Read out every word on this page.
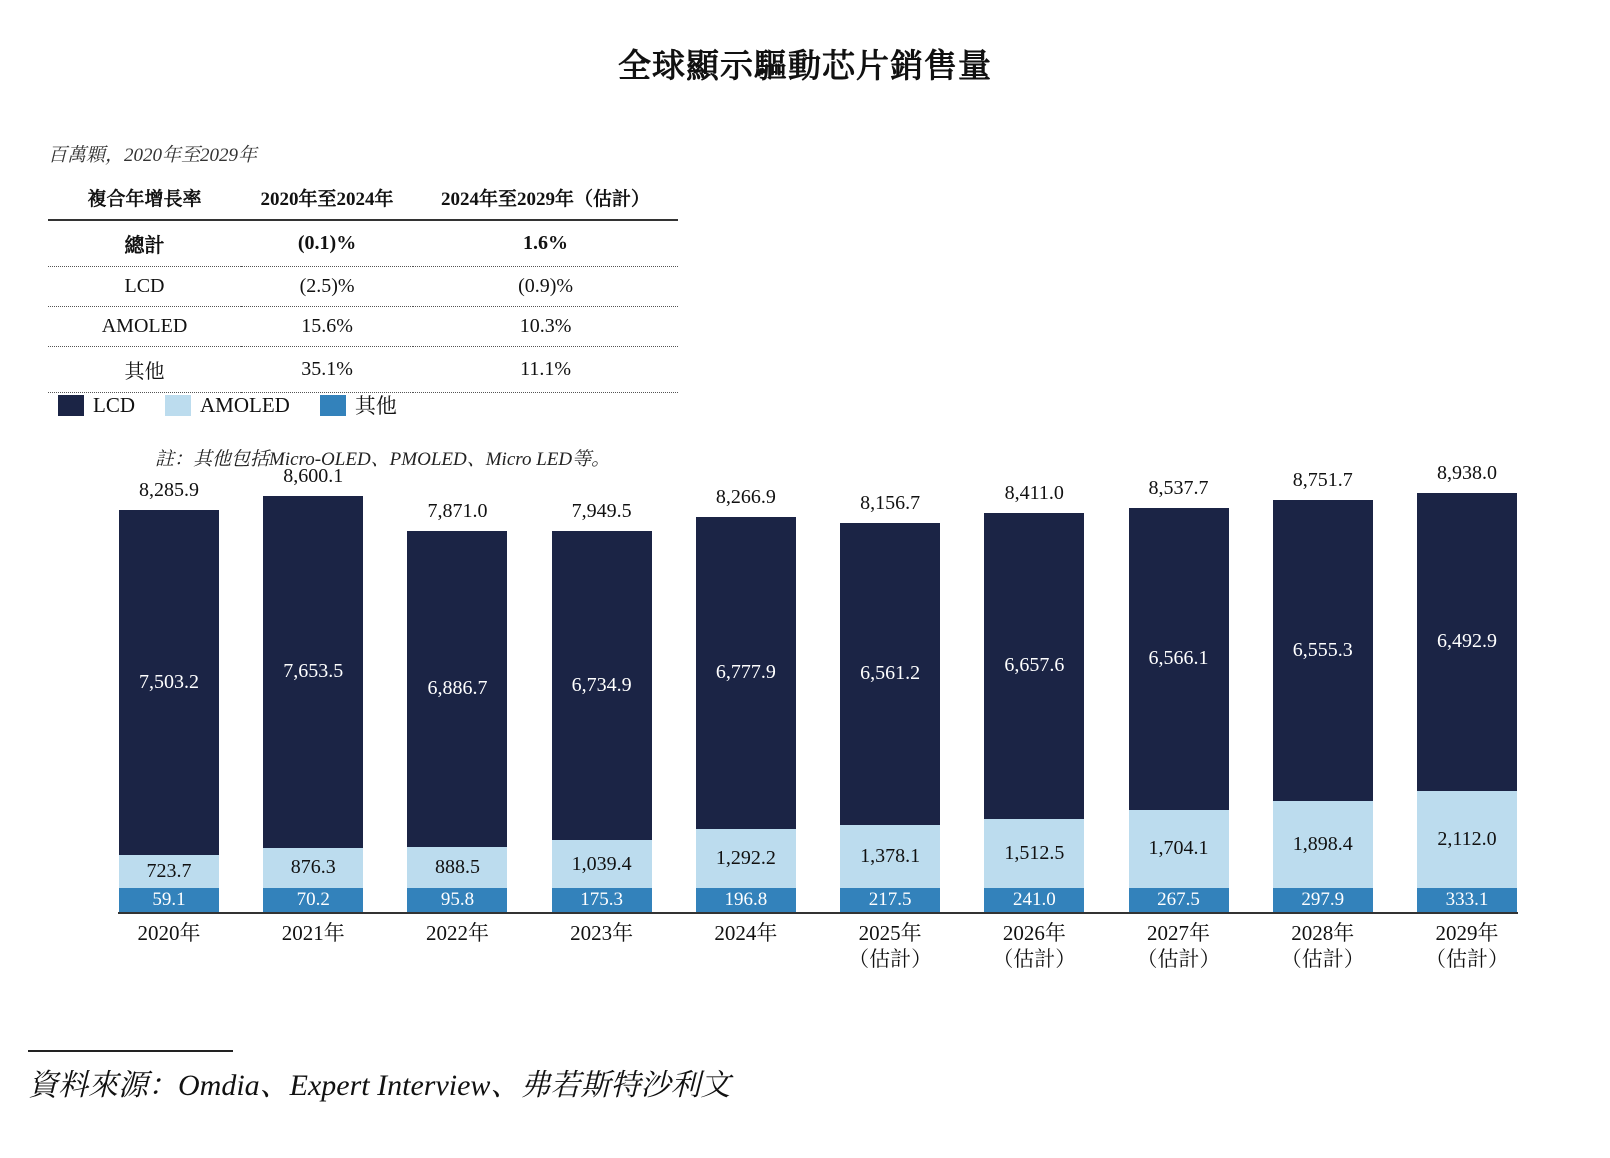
全球顯示驅動芯片銷售量
百萬顆，2020年至2029年
複合年增長率	2020年至2024年	2024年至2029年（估計）
總計	(0.1)%	1.6%
LCD	(2.5)%	(0.9)%
AMOLED	15.6%	10.3%
其他	35.1%	11.1%
LCD	AMOLED	其他
註：其他包括Micro-OLED、PMOLED、Micro LED等。
8,285.9
7,503.2
723.7
59.1
8,600.1
7,653.5
876.3
70.2
7,871.0
6,886.7
888.5
95.8
7,949.5
6,734.9
1,039.4
175.3
8,266.9
6,777.9
1,292.2
196.8
8,156.7
6,561.2
1,378.1
217.5
8,411.0
6,657.6
1,512.5
241.0
8,537.7
6,566.1
1,704.1
267.5
8,751.7
6,555.3
1,898.4
297.9
8,938.0
6,492.9
2,112.0
333.1
2020年	2021年	2022年	2023年	2024年	2025年
（估計）
2026年
（估計）
2027年
（估計）
2028年
（估計）
2029年
（估計）
資料來源：Omdia、Expert Interview、弗若斯特沙利文
